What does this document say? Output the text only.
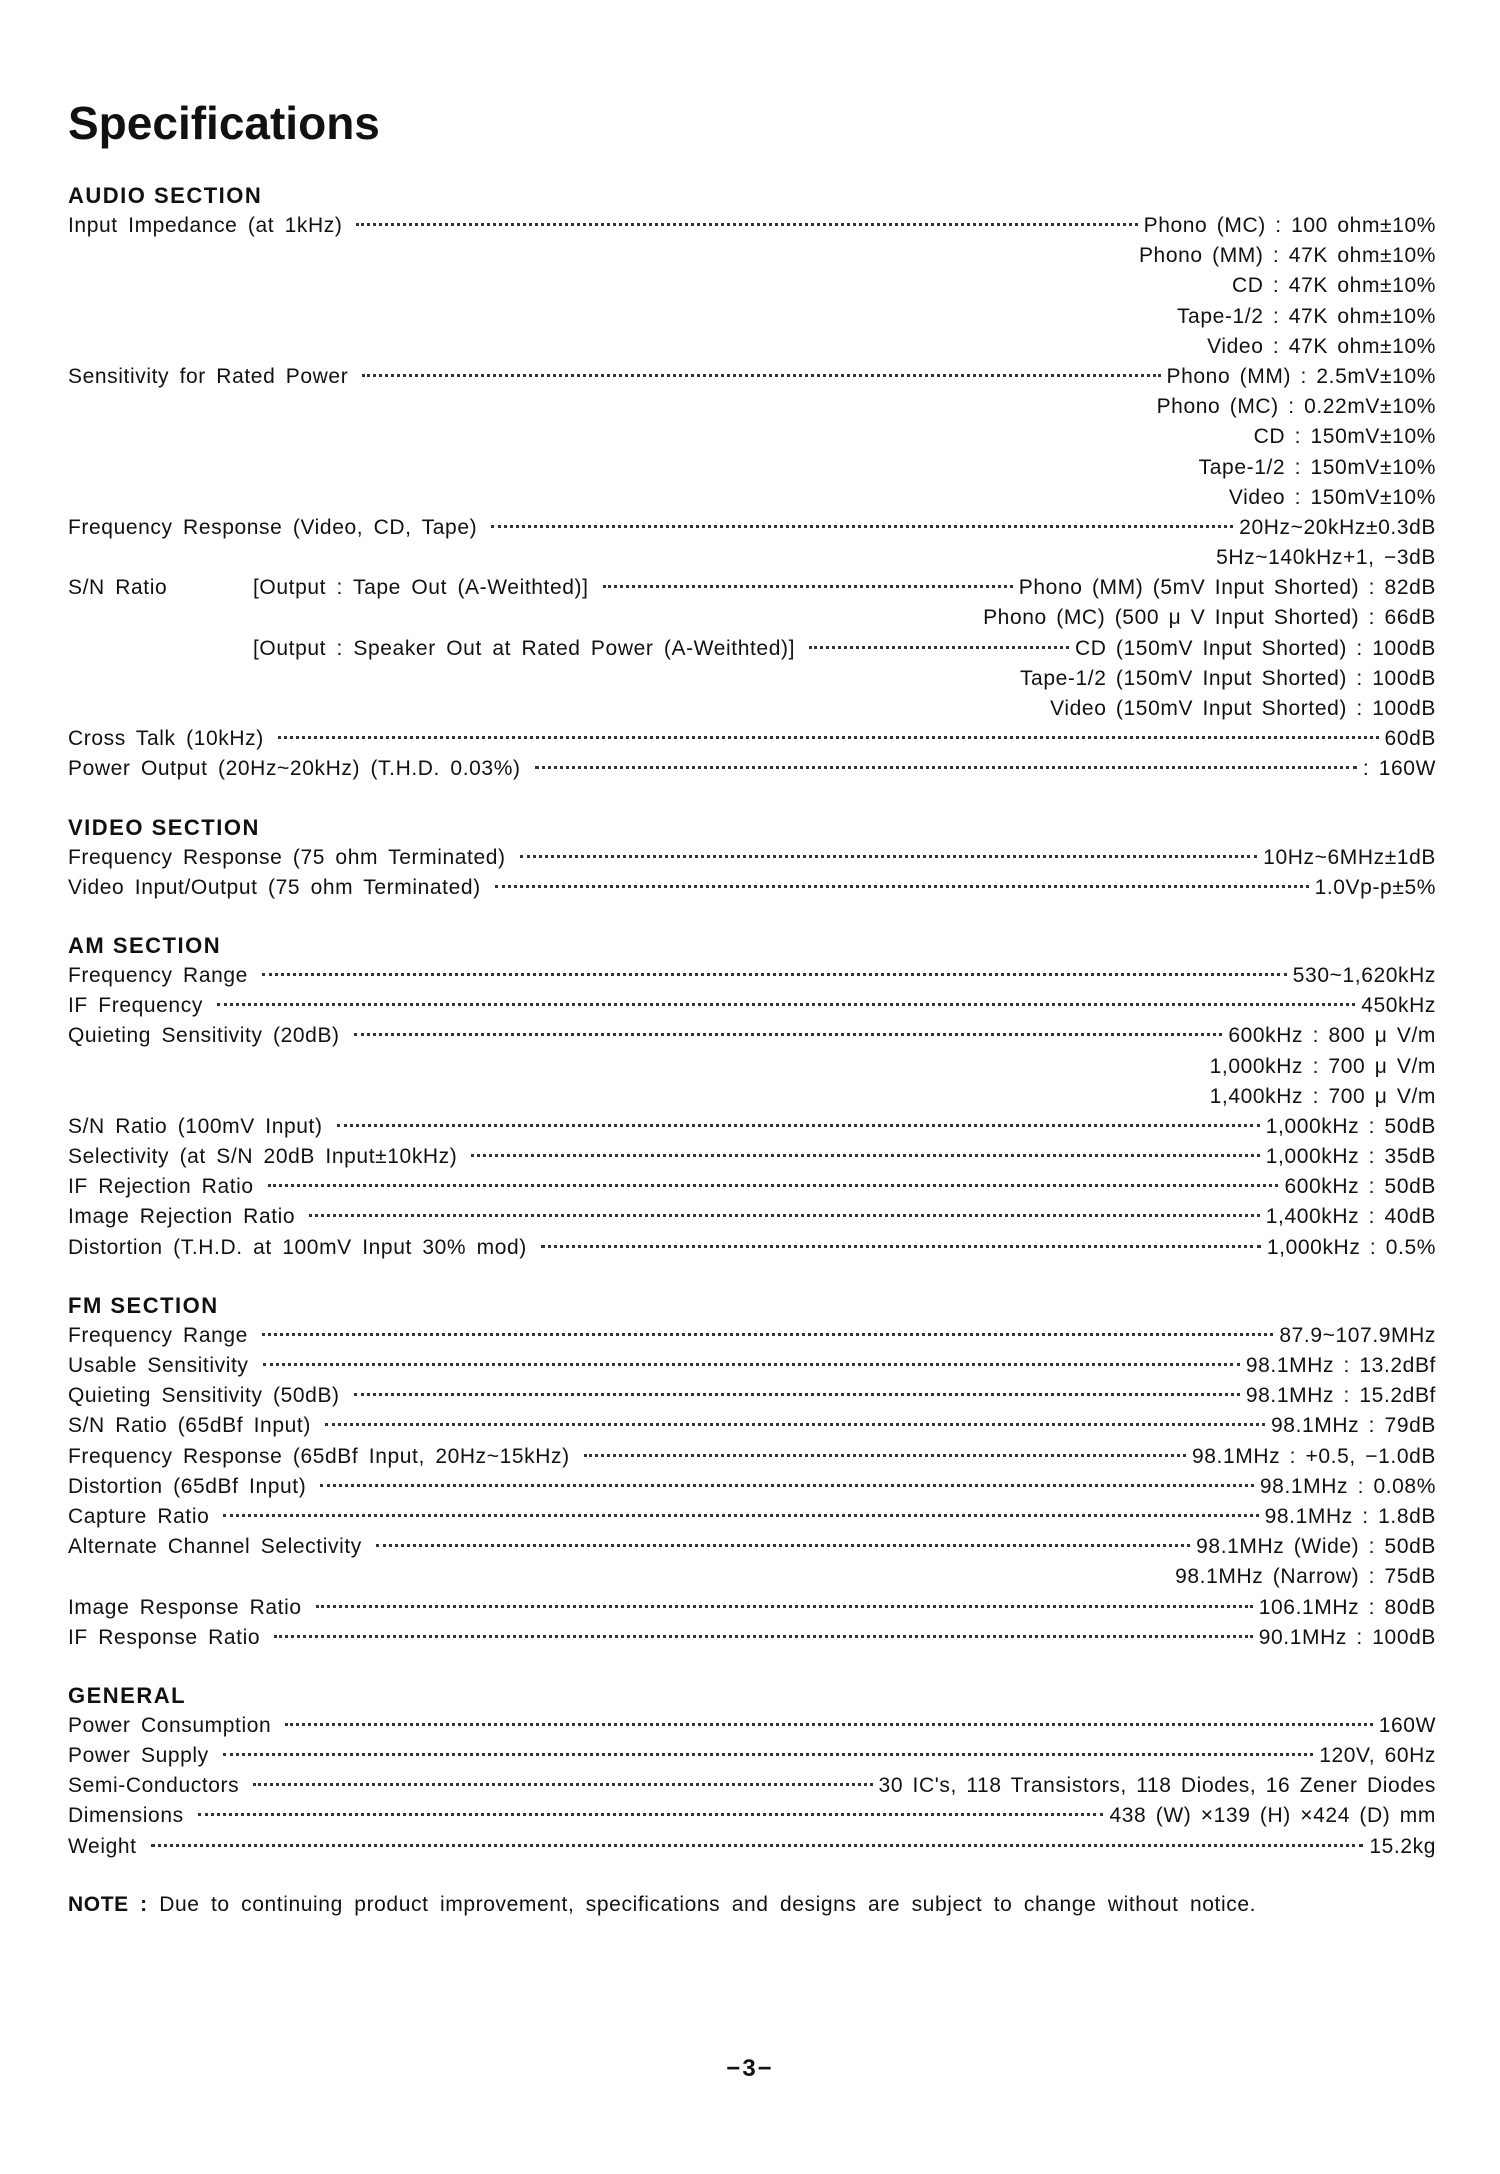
Specifications
AUDIO SECTION
Input Impedance (at 1kHz)	Phono (MC) : 100 ohm±10%
Phono (MM) : 47K ohm±10%
CD : 47K ohm±10%
Tape-1/2 : 47K ohm±10%
Video : 47K ohm±10%
Sensitivity for Rated Power	Phono (MM) : 2.5mV±10%
Phono (MC) : 0.22mV±10%
CD : 150mV±10%
Tape-1/2 : 150mV±10%
Video : 150mV±10%
Frequency Response (Video, CD, Tape)	20Hz~20kHz±0.3dB
5Hz~140kHz+1, −3dB
S/N Ratio	[Output : Tape Out (A-Weithted)]	Phono (MM) (5mV Input Shorted) : 82dB
Phono (MC) (500 μ V Input Shorted) : 66dB
[Output : Speaker Out at Rated Power (A-Weithted)]	CD (150mV Input Shorted) : 100dB
Tape-1/2 (150mV Input Shorted) : 100dB
Video (150mV Input Shorted) : 100dB
Cross Talk (10kHz)	60dB
Power Output (20Hz~20kHz) (T.H.D. 0.03%)	: 160W
VIDEO SECTION
Frequency Response (75 ohm Terminated)	10Hz~6MHz±1dB
Video Input/Output (75 ohm Terminated)	1.0Vp-p±5%
AM SECTION
Frequency Range	530~1,620kHz
IF Frequency	450kHz
Quieting Sensitivity (20dB)	600kHz : 800 μ V/m
1,000kHz : 700 μ V/m
1,400kHz : 700 μ V/m
S/N Ratio (100mV Input)	1,000kHz : 50dB
Selectivity (at S/N 20dB Input±10kHz)	1,000kHz : 35dB
IF Rejection Ratio	600kHz : 50dB
Image Rejection Ratio	1,400kHz : 40dB
Distortion (T.H.D. at 100mV Input 30% mod)	1,000kHz : 0.5%
FM SECTION
Frequency Range	87.9~107.9MHz
Usable Sensitivity	98.1MHz : 13.2dBf
Quieting Sensitivity (50dB)	98.1MHz : 15.2dBf
S/N Ratio (65dBf Input)	98.1MHz : 79dB
Frequency Response (65dBf Input, 20Hz~15kHz)	98.1MHz : +0.5, −1.0dB
Distortion (65dBf Input)	98.1MHz : 0.08%
Capture Ratio	98.1MHz : 1.8dB
Alternate Channel Selectivity	98.1MHz (Wide) : 50dB
98.1MHz (Narrow) : 75dB
Image Response Ratio	106.1MHz : 80dB
IF Response Ratio	90.1MHz : 100dB
GENERAL
Power Consumption	160W
Power Supply	120V, 60Hz
Semi-Conductors	30 IC's, 118 Transistors, 118 Diodes, 16 Zener Diodes
Dimensions	438 (W) ×139 (H) ×424 (D) mm
Weight	15.2kg
NOTE : Due to continuing product improvement, specifications and designs are subject to change without notice.
−3−
